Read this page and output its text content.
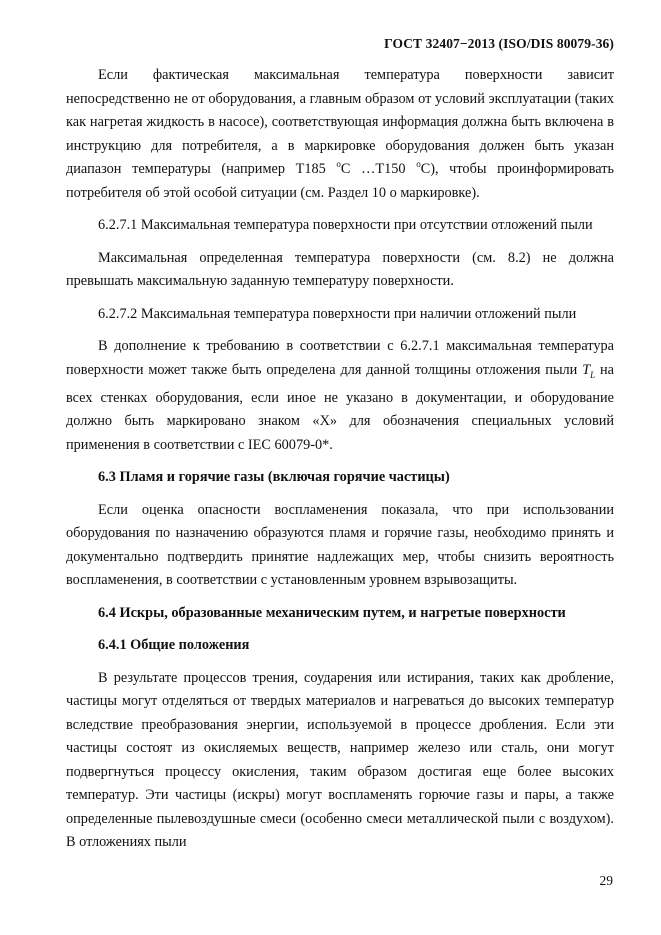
ГОСТ 32407−2013 (ISO/DIS 80079-36)

Если фактическая максимальная температура поверхности зависит непосредственно не от оборудования, а главным образом от условий эксплуатации (таких как нагретая жидкость в насосе), соответствующая информация должна быть включена в инструкцию для потребителя, а в маркировке оборудования должен быть указан диапазон температуры (например Т185 $^o$С …Т150 $^o$С), чтобы проинформировать потребителя об этой особой ситуации (см. Раздел 10 о маркировке).

6.2.7.1 Максимальная температура поверхности при отсутствии отложений пыли

Максимальная определенная температура поверхности (см. 8.2) не должна превышать максимальную заданную температуру поверхности.

6.2.7.2 Максимальная температура поверхности при наличии отложений пыли

В дополнение к требованию в соответствии с 6.2.7.1 максимальная температура поверхности может также быть определена для данной толщины отложения пыли $T_L$ на всех стенках оборудования, если иное не указано в документации, и оборудование должно быть маркировано знаком «X» для обозначения специальных условий применения в соответствии с IEC 60079-0*.

6.3 Пламя и горячие газы (включая горячие частицы)

Если оценка опасности воспламенения показала, что при использовании оборудования по назначению образуются пламя и горячие газы, необходимо принять и документально подтвердить принятие надлежащих мер, чтобы снизить вероятность воспламенения, в соответствии с установленным уровнем взрывозащиты.

6.4 Искры, образованные механическим путем, и нагретые поверхности

6.4.1 Общие положения

В результате процессов трения, соударения или истирания, таких как дробление, частицы могут отделяться от твердых материалов и нагреваться до высоких температур вследствие преобразования энергии, используемой в процессе дробления. Если эти частицы состоят из окисляемых веществ, например железо или сталь, они могут подвергнуться процессу окисления, таким образом достигая еще более высоких температур. Эти частицы (искры) могут воспламенять горючие газы и пары, а также определенные пылевоздушные смеси (особенно смеси металлической пыли с воздухом). В отложениях пыли

29
